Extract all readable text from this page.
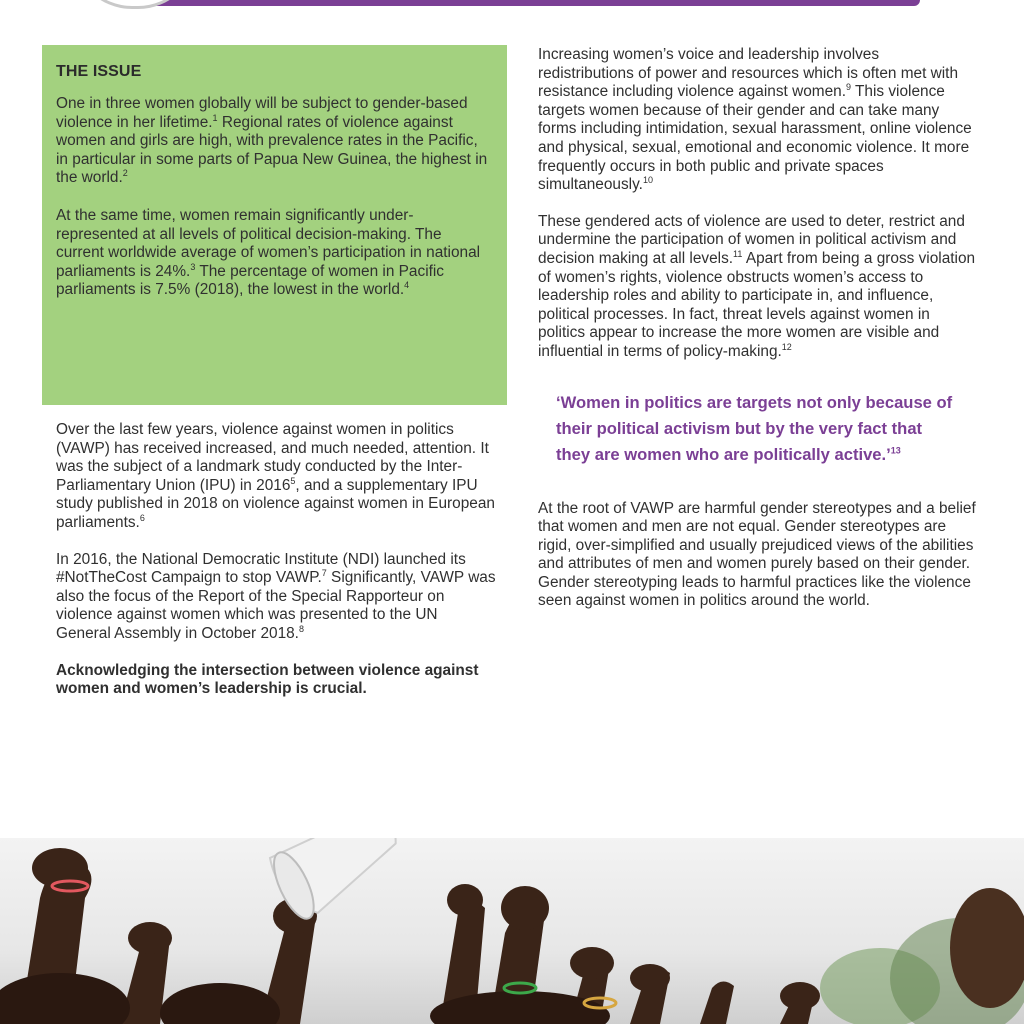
THE ISSUE

One in three women globally will be subject to gender-based violence in her lifetime.$^1$ Regional rates of violence against women and girls are high, with prevalence rates in the Pacific, in particular in some parts of Papua New Guinea, the highest in the world.$^2$

At the same time, women remain significantly under-represented at all levels of political decision-making. The current worldwide average of women’s participation in national parliaments is 24%.$^3$ The percentage of women in Pacific parliaments is 7.5% (2018), the lowest in the world.$^4$

Over the last few years, violence against women in politics (VAWP) has received increased, and much needed, attention. It was the subject of a landmark study conducted by the Inter-Parliamentary Union (IPU) in 2016$^5$, and a supplementary IPU study published in 2018 on violence against women in European parliaments.$^6$

In 2016, the National Democratic Institute (NDI) launched its #NotTheCost Campaign to stop VAWP.$^7$ Significantly, VAWP was also the focus of the Report of the Special Rapporteur on violence against women which was presented to the UN General Assembly in October 2018.$^8$

Acknowledging the intersection between violence against women and women’s leadership is crucial.

Increasing women’s voice and leadership involves redistributions of power and resources which is often met with resistance including violence against women.$^9$ This violence targets women because of their gender and can take many forms including intimidation, sexual harassment, online violence and physical, sexual, emotional and economic violence. It more frequently occurs in both public and private spaces simultaneously.$^{10}$

These gendered acts of violence are used to deter, restrict and undermine the participation of women in political activism and decision making at all levels.$^{11}$ Apart from being a gross violation of women’s rights, violence obstructs women’s access to leadership roles and ability to participate in, and influence, political processes. In fact, threat levels against women in politics appear to increase the more women are visible and influential in terms of policy-making.$^{12}$

‘Women in politics are targets not only because of their political activism but by the very fact that they are women who are politically active.’$^{13}$

At the root of VAWP are harmful gender stereotypes and a belief that women and men are not equal. Gender stereotypes are rigid, over-simplified and usually prejudiced views of the abilities and attributes of men and women purely based on their gender. Gender stereotyping leads to harmful practices like the violence seen against women in politics around the world.
